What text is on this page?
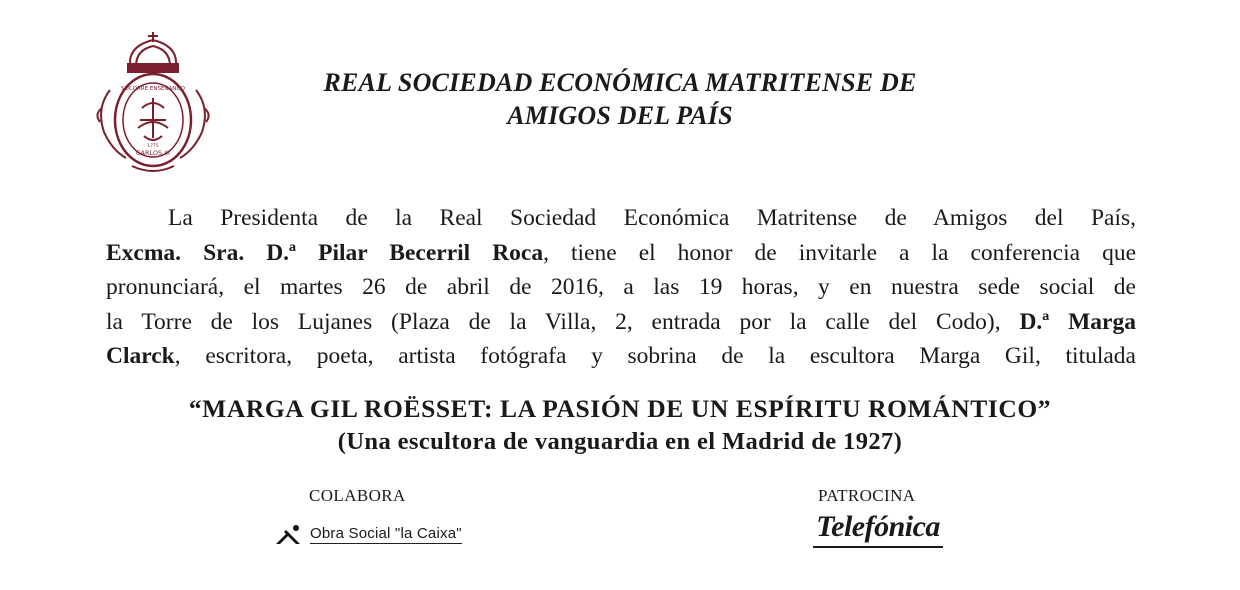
SOCORRE ENSEÑANDO
CARLOS III
1775
REAL SOCIEDAD ECONÓMICA MATRITENSE DE
AMIGOS DEL PAÍS
La Presidenta de la Real Sociedad Económica Matritense de Amigos del País,
Excma. Sra. D.ª Pilar Becerril Roca, tiene el honor de invitarle a la conferencia que
pronunciará, el martes 26 de abril de 2016, a las 19 horas, y en nuestra sede social de
la Torre de los Lujanes (Plaza de la Villa, 2, entrada por la calle del Codo), D.ª Marga
Clarck, escritora, poeta, artista fotógrafa y sobrina de la escultora Marga Gil, titulada
“MARGA GIL ROËSSET: LA PASIÓN DE UN ESPÍRITU ROMÁNTICO”
(Una escultora de vanguardia en el Madrid de 1927)
COLABORA
Obra Social "la Caixa"
PATROCINA
Telefónica
